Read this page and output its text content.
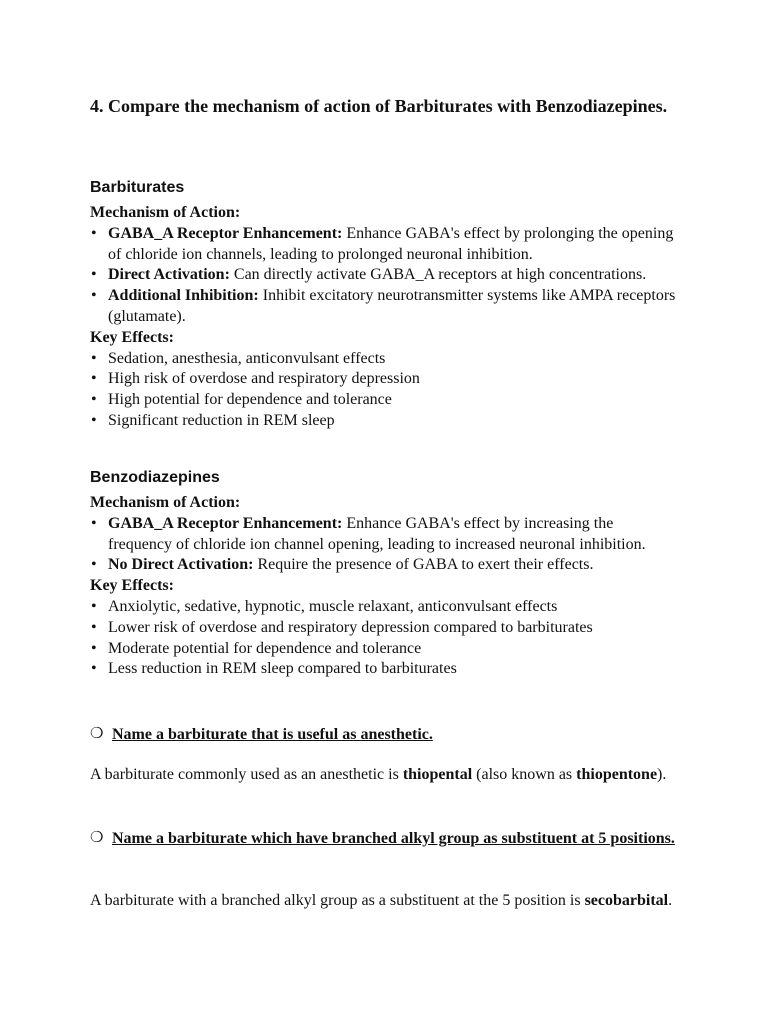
4. Compare the mechanism of action of Barbiturates with Benzodiazepines.
Barbiturates
Mechanism of Action:
• GABA_A Receptor Enhancement: Enhance GABA's effect by prolonging the opening of chloride ion channels, leading to prolonged neuronal inhibition.
• Direct Activation: Can directly activate GABA_A receptors at high concentrations.
• Additional Inhibition: Inhibit excitatory neurotransmitter systems like AMPA receptors (glutamate).
Key Effects:
• Sedation, anesthesia, anticonvulsant effects
• High risk of overdose and respiratory depression
• High potential for dependence and tolerance
• Significant reduction in REM sleep
Benzodiazepines
Mechanism of Action:
• GABA_A Receptor Enhancement: Enhance GABA's effect by increasing the frequency of chloride ion channel opening, leading to increased neuronal inhibition.
• No Direct Activation: Require the presence of GABA to exert their effects.
Key Effects:
• Anxiolytic, sedative, hypnotic, muscle relaxant, anticonvulsant effects
• Lower risk of overdose and respiratory depression compared to barbiturates
• Moderate potential for dependence and tolerance
• Less reduction in REM sleep compared to barbiturates
❍ Name a barbiturate that is useful as anesthetic.
A barbiturate commonly used as an anesthetic is thiopental (also known as thiopentone).
❍ Name a barbiturate which have branched alkyl group as substituent at 5 positions.
A barbiturate with a branched alkyl group as a substituent at the 5 position is secobarbital.
